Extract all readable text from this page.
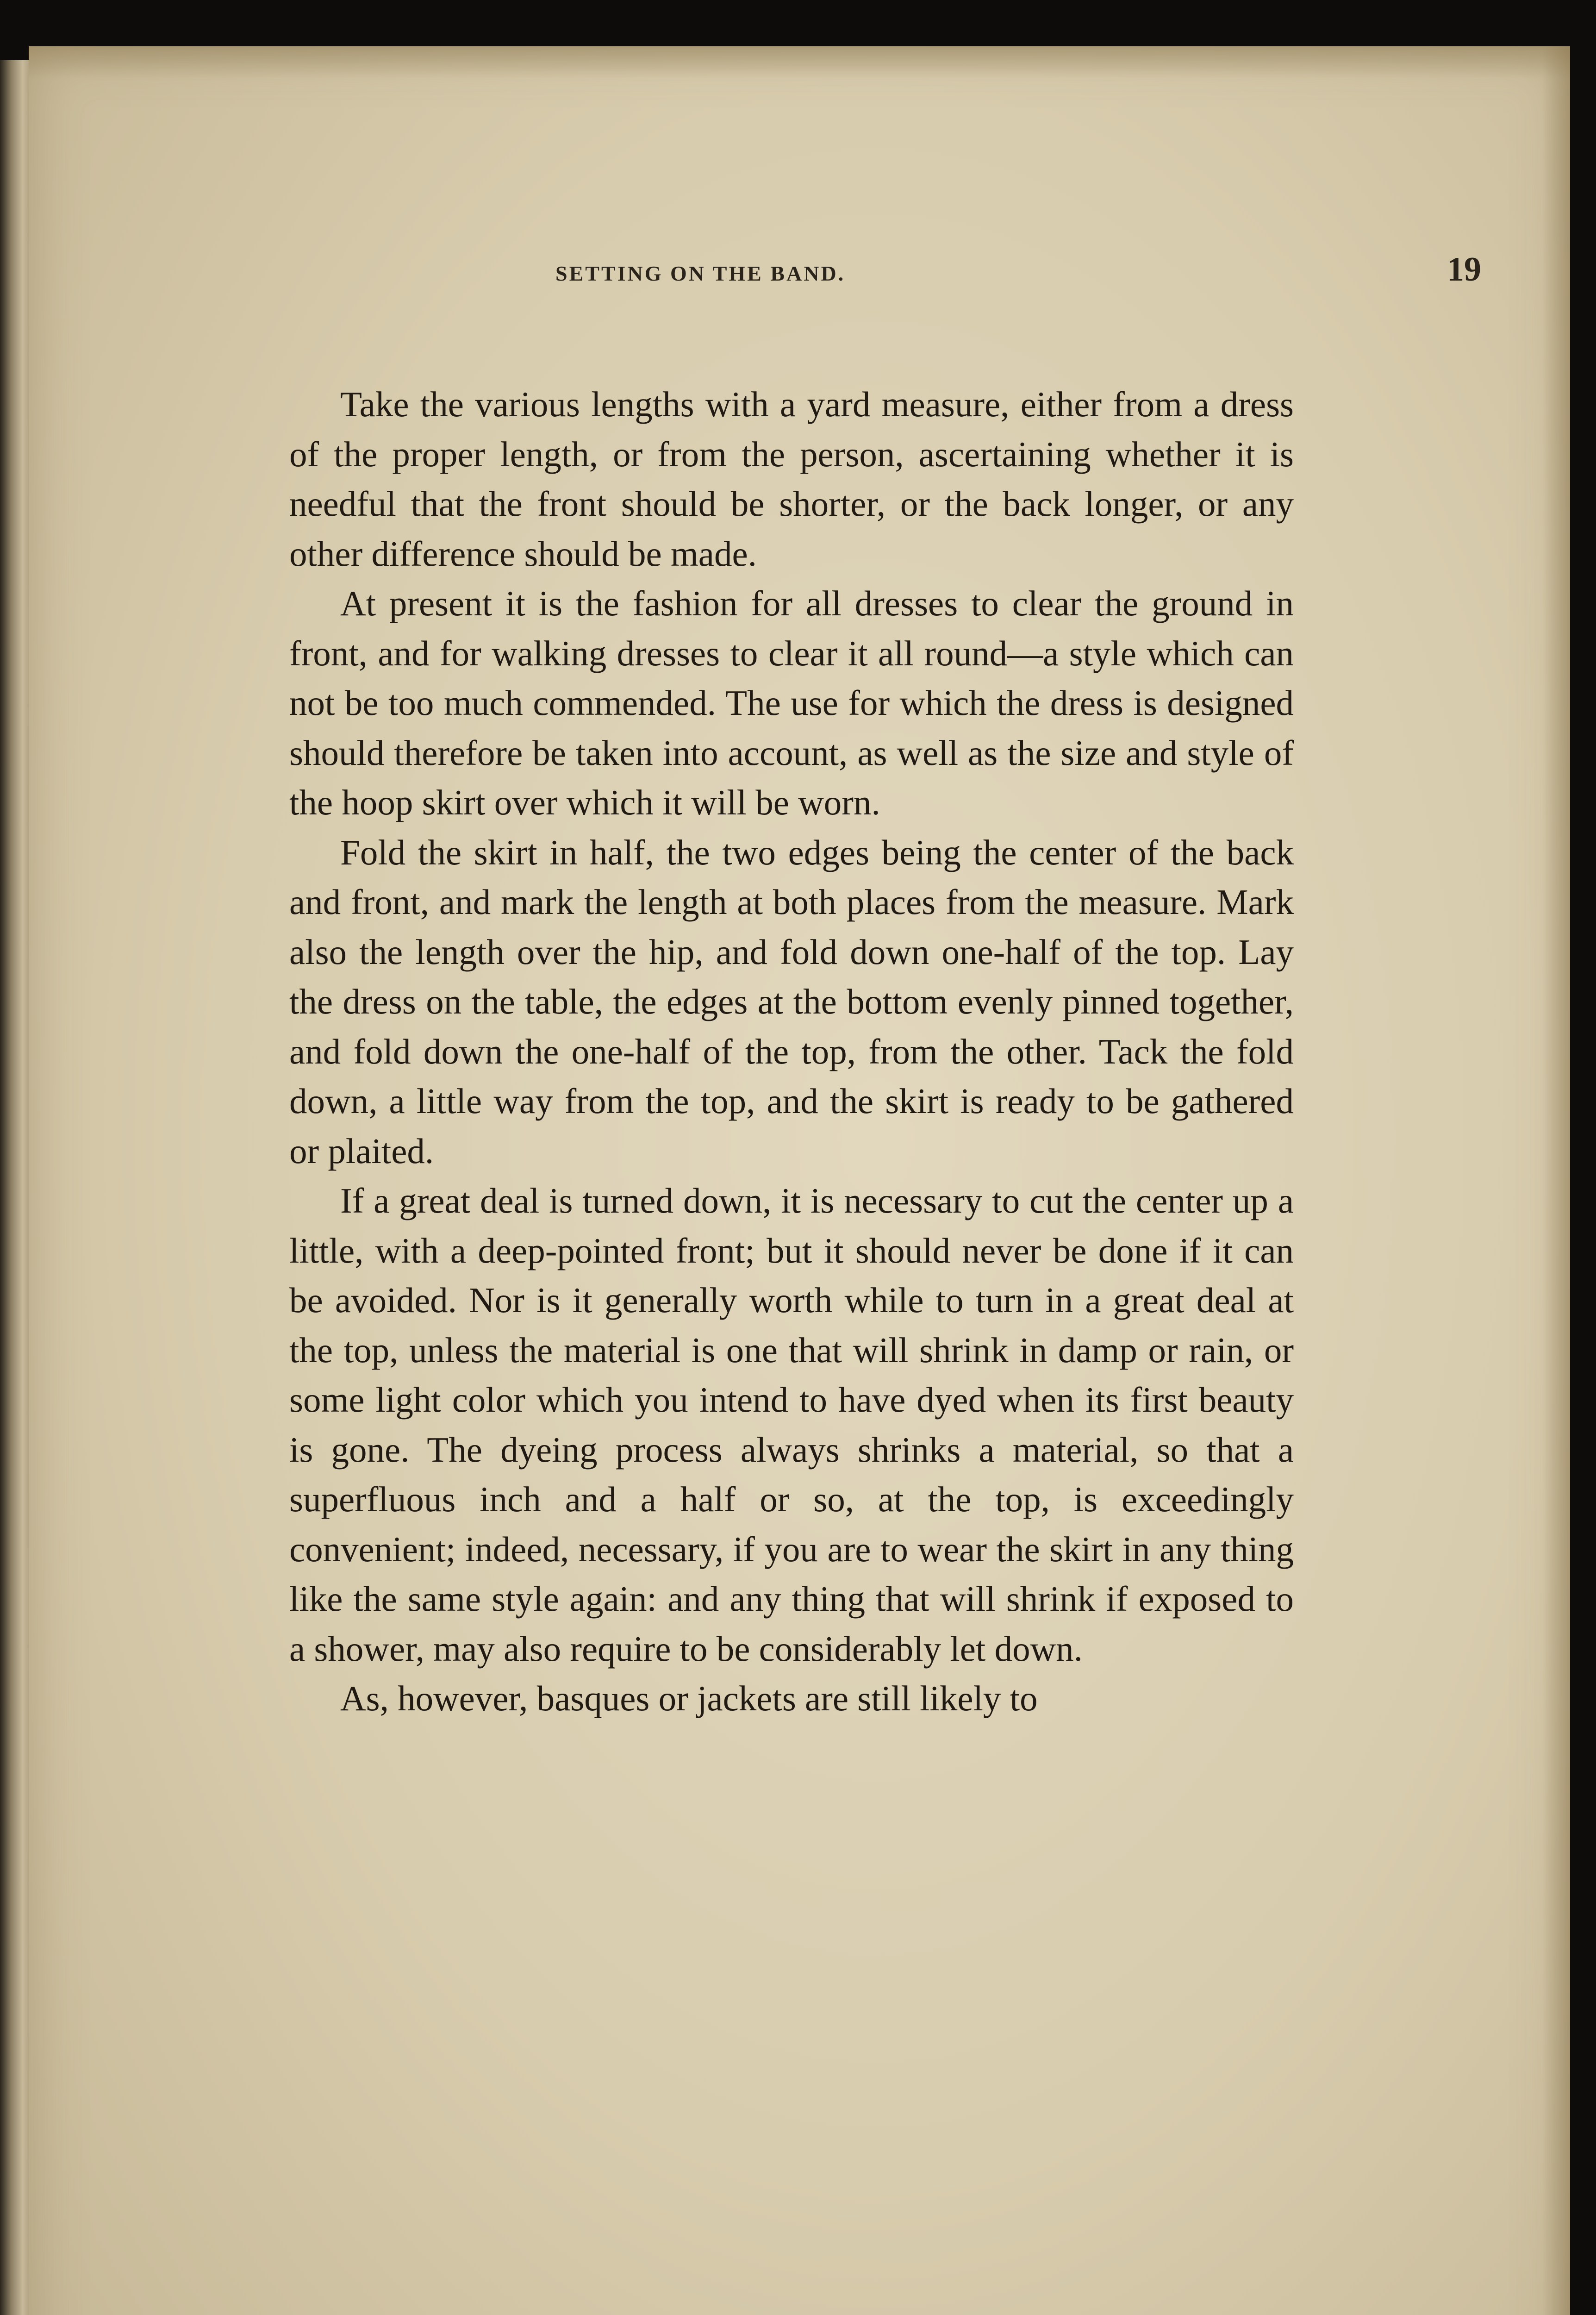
SETTING ON THE BAND.	19

Take the various lengths with a yard measure, either from a dress of the proper length, or from the person, ascertaining whether it is needful that the front should be shorter, or the back longer, or any other difference should be made.

At present it is the fashion for all dresses to clear the ground in front, and for walking dresses to clear it all round—a style which can not be too much commended. The use for which the dress is designed should therefore be taken into account, as well as the size and style of the hoop skirt over which it will be worn.

Fold the skirt in half, the two edges being the center of the back and front, and mark the length at both places from the measure. Mark also the length over the hip, and fold down one-half of the top. Lay the dress on the table, the edges at the bottom evenly pinned together, and fold down the one-half of the top, from the other. Tack the fold down, a little way from the top, and the skirt is ready to be gathered or plaited.

If a great deal is turned down, it is necessary to cut the center up a little, with a deep-pointed front; but it should never be done if it can be avoided. Nor is it generally worth while to turn in a great deal at the top, unless the material is one that will shrink in damp or rain, or some light color which you intend to have dyed when its first beauty is gone. The dyeing process always shrinks a material, so that a superfluous inch and a half or so, at the top, is exceedingly convenient; indeed, necessary, if you are to wear the skirt in any thing like the same style again: and any thing that will shrink if exposed to a shower, may also require to be considerably let down.

As, however, basques or jackets are still likely to
